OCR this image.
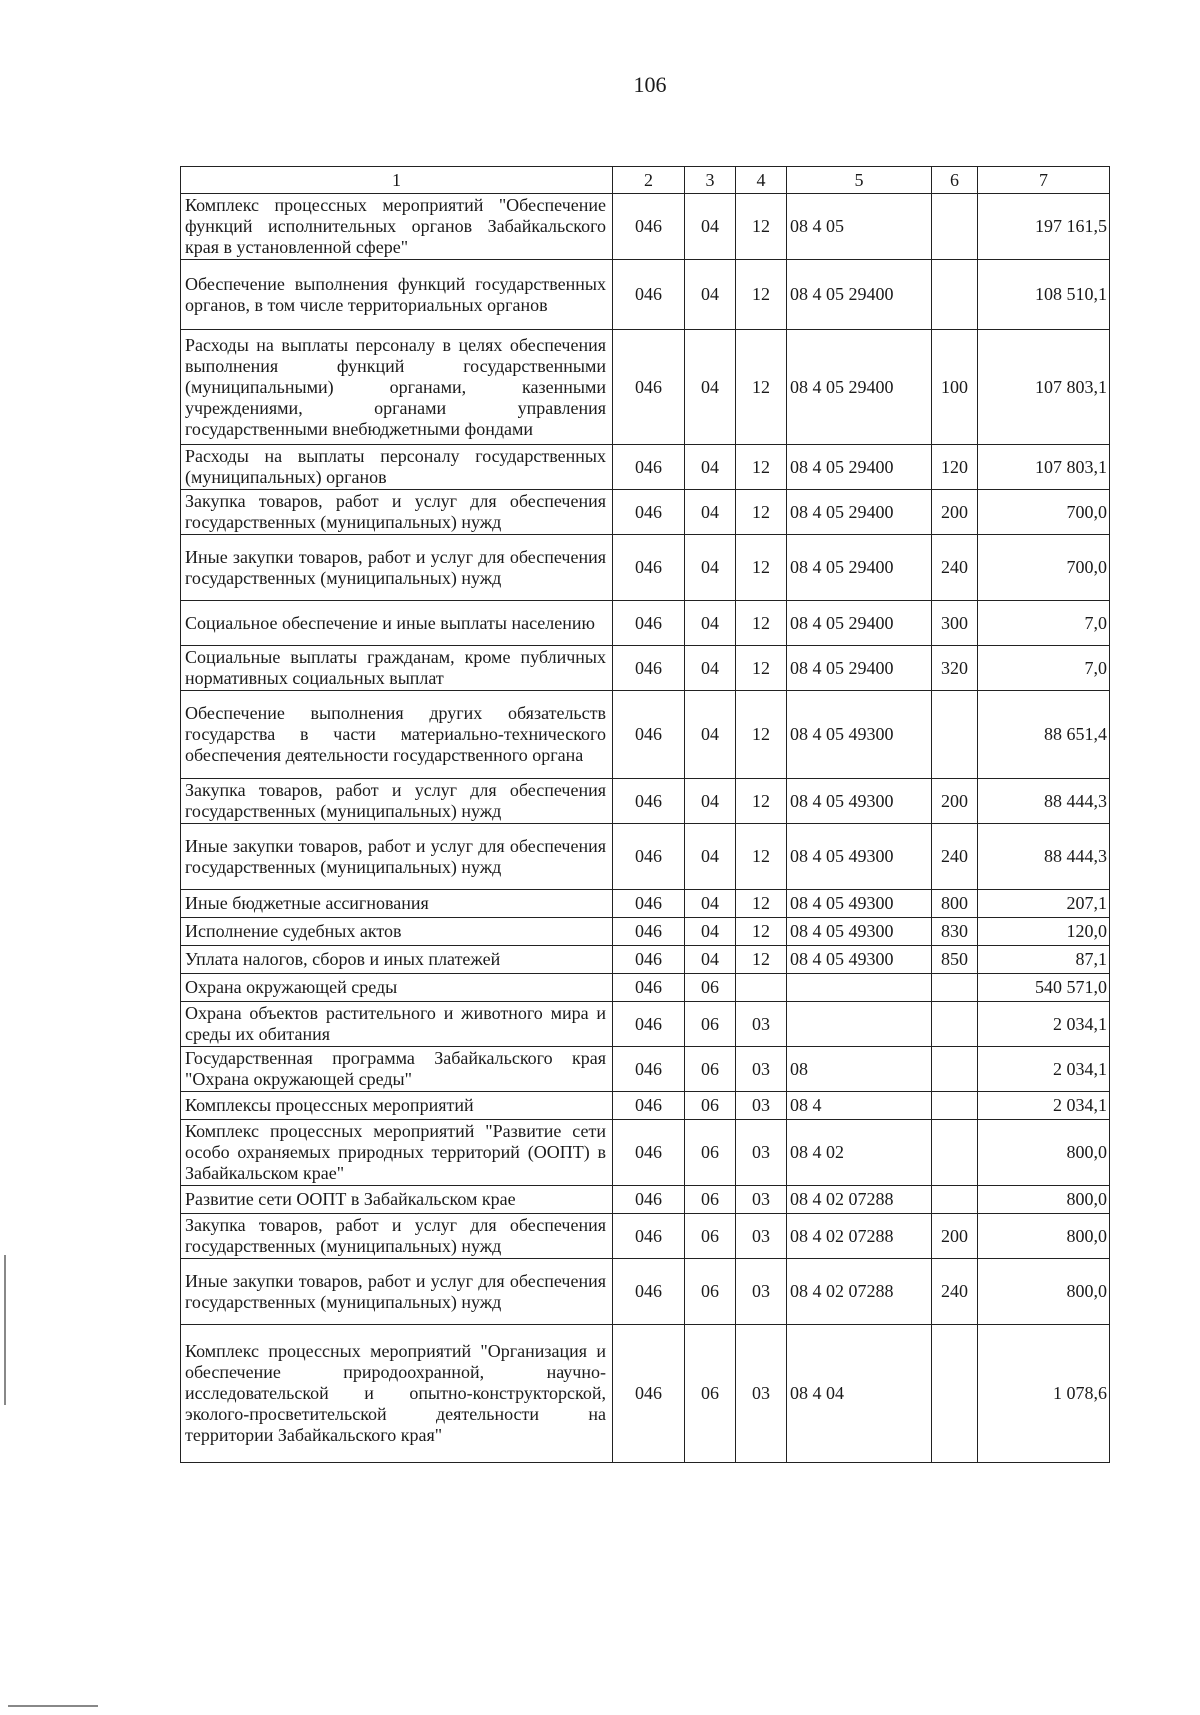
106
1	2	3	4	5	6	7
Комплекс процессных мероприятий "Обеспечение функций исполнительных органов Забайкальского края в установленной сфере"	046	04	12	08 4 05		197 161,5
Обеспечение выполнения функций государственных органов, в том числе территориальных органов	046	04	12	08 4 05 29400		108 510,1
Расходы на выплаты персоналу в целях обеспечения выполнения функций государственными (муниципальными) органами, казенными учреждениями, органами управления государственными внебюджетными фондами	046	04	12	08 4 05 29400	100	107 803,1
Расходы на выплаты персоналу государственных (муниципальных) органов	046	04	12	08 4 05 29400	120	107 803,1
Закупка товаров, работ и услуг для обеспечения государственных (муниципальных) нужд	046	04	12	08 4 05 29400	200	700,0
Иные закупки товаров, работ и услуг для обеспечения государственных (муниципальных) нужд	046	04	12	08 4 05 29400	240	700,0
Социальное обеспечение и иные выплаты населению	046	04	12	08 4 05 29400	300	7,0
Социальные выплаты гражданам, кроме публичных нормативных социальных выплат	046	04	12	08 4 05 29400	320	7,0
Обеспечение выполнения других обязательств государства в части материально-технического обеспечения деятельности государственного органа	046	04	12	08 4 05 49300		88 651,4
Закупка товаров, работ и услуг для обеспечения государственных (муниципальных) нужд	046	04	12	08 4 05 49300	200	88 444,3
Иные закупки товаров, работ и услуг для обеспечения государственных (муниципальных) нужд	046	04	12	08 4 05 49300	240	88 444,3
Иные бюджетные ассигнования	046	04	12	08 4 05 49300	800	207,1
Исполнение судебных актов	046	04	12	08 4 05 49300	830	120,0
Уплата налогов, сборов и иных платежей	046	04	12	08 4 05 49300	850	87,1
Охрана окружающей среды	046	06				540 571,0
Охрана объектов растительного и животного мира и среды их обитания	046	06	03			2 034,1
Государственная программа Забайкальского края "Охрана окружающей среды"	046	06	03	08		2 034,1
Комплексы процессных мероприятий	046	06	03	08 4		2 034,1
Комплекс процессных мероприятий "Развитие сети особо охраняемых природных территорий (ООПТ) в Забайкальском крае"	046	06	03	08 4 02		800,0
Развитие сети ООПТ в Забайкальском крае	046	06	03	08 4 02 07288		800,0
Закупка товаров, работ и услуг для обеспечения государственных (муниципальных) нужд	046	06	03	08 4 02 07288	200	800,0
Иные закупки товаров, работ и услуг для обеспечения государственных (муниципальных) нужд	046	06	03	08 4 02 07288	240	800,0
Комплекс процессных мероприятий "Организация и обеспечение природоохранной, научно-исследовательской и опытно-конструкторской, эколого-просветительской деятельности на территории Забайкальского края"	046	06	03	08 4 04		1 078,6
